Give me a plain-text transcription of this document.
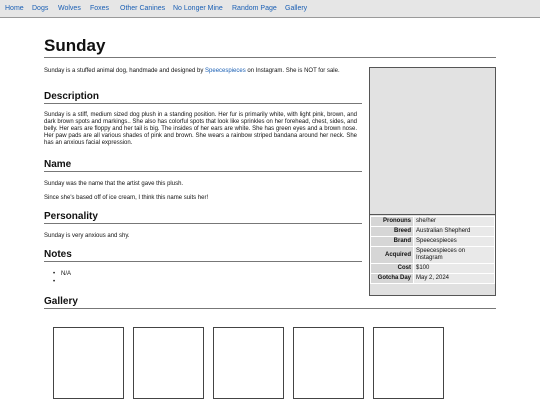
Home Dogs Wolves Foxes Other Canines No Longer Mine Random Page Gallery
Sunday

Sunday is a stuffed animal dog, handmade and designed by Speecespieces on Instagram. She is NOT for sale.

Description

Sunday is a stiff, medium sized dog plush in a standing position. Her fur is primarily white, with light pink, brown, and dark brown spots and markings.. She also has colorful spots that look like sprinkles on her forehead, chest, sides, and belly. Her ears are floppy and her tail is big. The insides of her ears are white. She has green eyes and a brown nose. Her paw pads are all various shades of pink and brown. She wears a rainbow striped bandana around her neck. She has an anxious facial expression.

Name

Sunday was the name that the artist gave this plush.

Since she's based off of ice cream, I think this name suits her!

Personality

Sunday is very anxious and shy.

Notes
• N/A
•
Gallery
Pronouns	she/her
Breed	Australian Shepherd
Brand	Speecespieces
Acquired	Speecespieces on Instagram
Cost	$100
Gotcha Day	May 2, 2024
